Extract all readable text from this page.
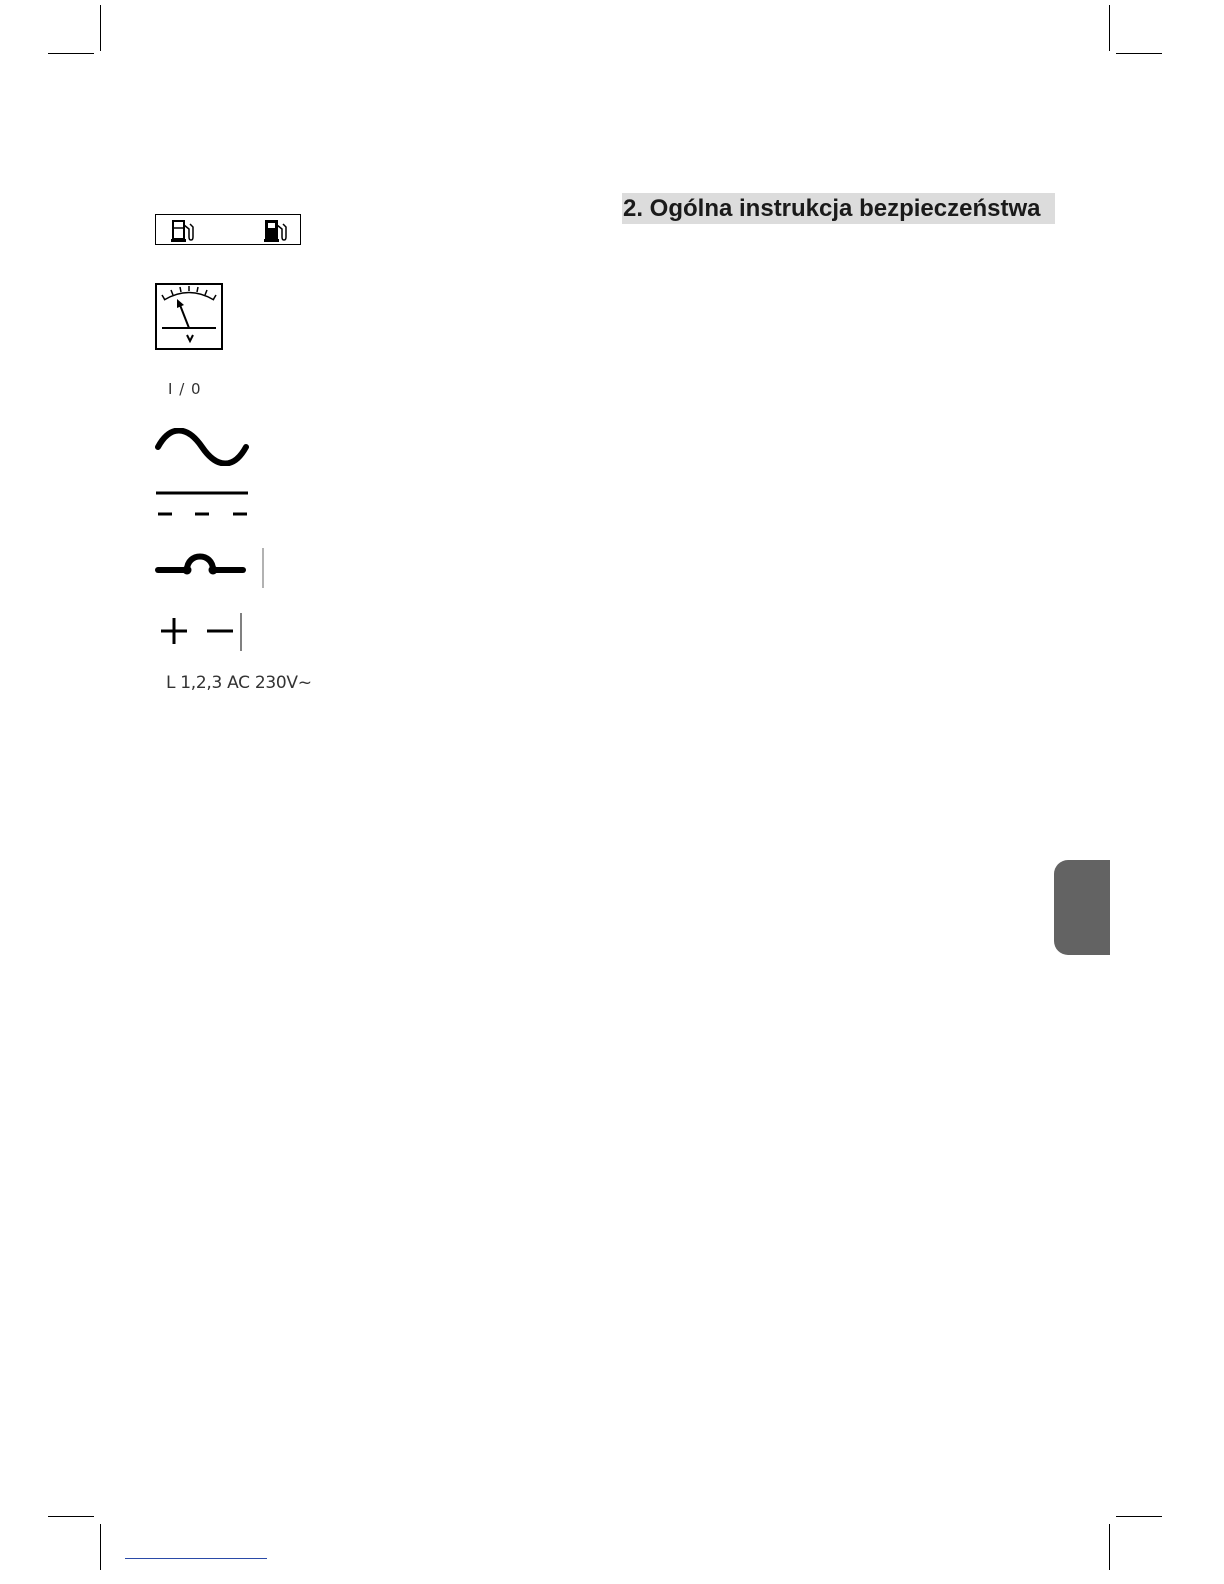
2. Ogólna instrukcja bezpieczeństwa
I / 0
L 1,2,3 AC 230V~
